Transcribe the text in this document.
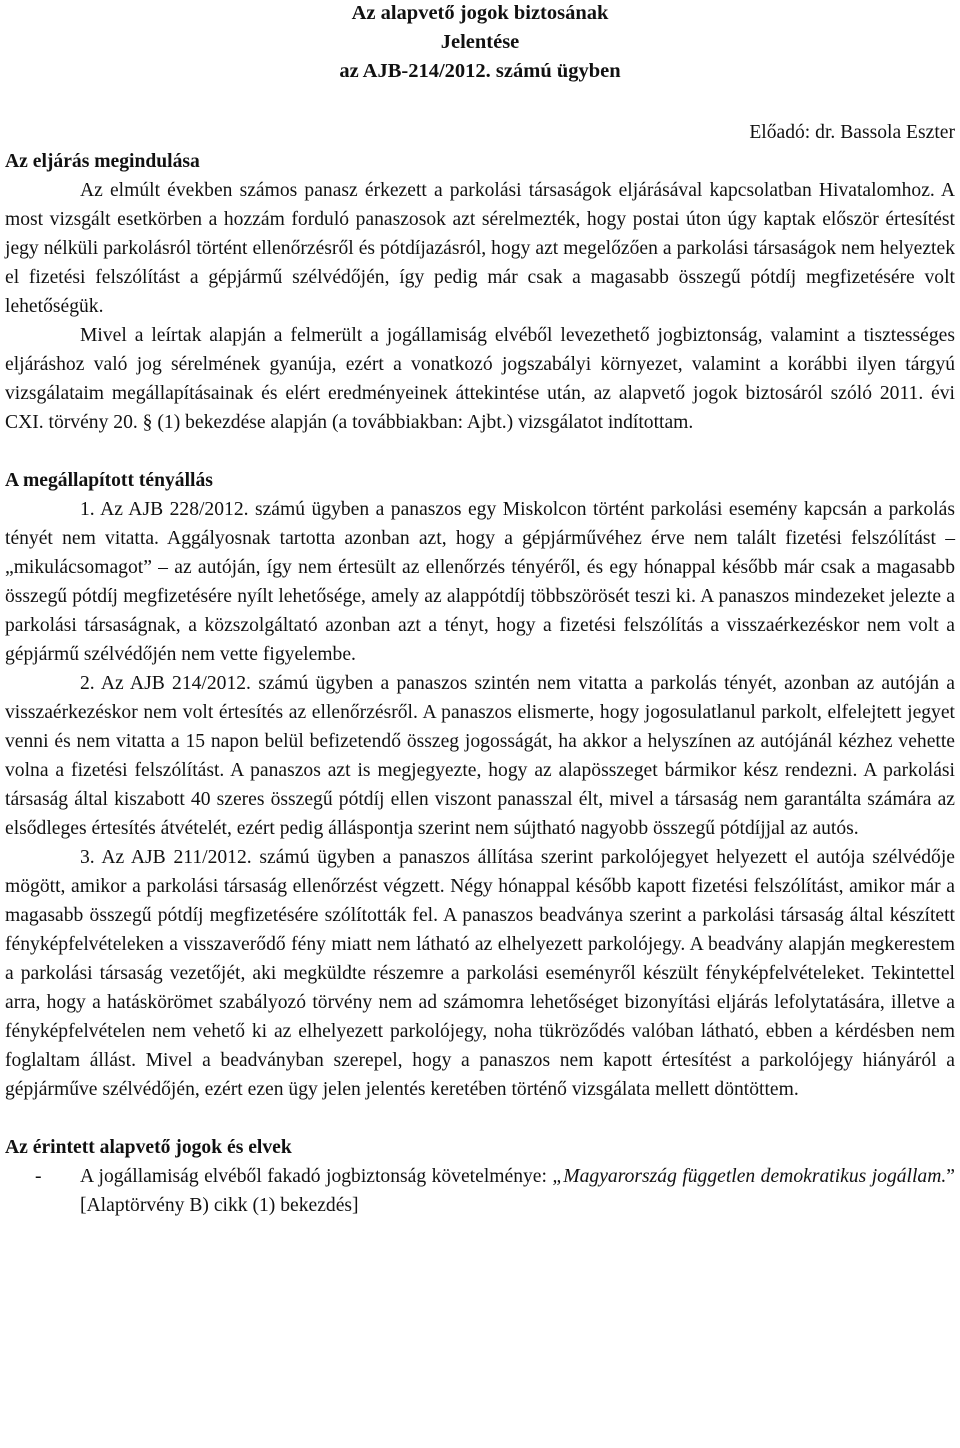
Az alapvető jogok biztosának
Jelentése
az AJB-214/2012. számú ügyben
Előadó: dr. Bassola Eszter
Az eljárás megindulása

Az elmúlt években számos panasz érkezett a parkolási társaságok eljárásával kapcsolatban Hivatalomhoz. A most vizsgált esetkörben a hozzám forduló panaszosok azt sérelmezték, hogy postai úton úgy kaptak először értesítést jegy nélküli parkolásról történt ellenőrzésről és pótdíjazásról, hogy azt megelőzően a parkolási társaságok nem helyeztek el fizetési felszólítást a gépjármű szélvédőjén, így pedig már csak a magasabb összegű pótdíj megfizetésére volt lehetőségük.

Mivel a leírtak alapján a felmerült a jogállamiság elvéből levezethető jogbiztonság, valamint a tisztességes eljáráshoz való jog sérelmének gyanúja, ezért a vonatkozó jogszabályi környezet, valamint a korábbi ilyen tárgyú vizsgálataim megállapításainak és elért eredményeinek áttekintése után, az alapvető jogok biztosáról szóló 2011. évi CXI. törvény 20. § (1) bekezdése alapján (a továbbiakban: Ajbt.) vizsgálatot indítottam.

A megállapított tényállás

1. Az AJB 228/2012. számú ügyben a panaszos egy Miskolcon történt parkolási esemény kapcsán a parkolás tényét nem vitatta. Aggályosnak tartotta azonban azt, hogy a gépjárművéhez érve nem talált fizetési felszólítást – „mikulácsomagot” – az autóján, így nem értesült az ellenőrzés tényéről, és egy hónappal később már csak a magasabb összegű pótdíj megfizetésére nyílt lehetősége, amely az alappótdíj többszörösét teszi ki. A panaszos mindezeket jelezte a parkolási társaságnak, a közszolgáltató azonban azt a tényt, hogy a fizetési felszólítás a visszaérkezéskor nem volt a gépjármű szélvédőjén nem vette figyelembe.

2. Az AJB 214/2012. számú ügyben a panaszos szintén nem vitatta a parkolás tényét, azonban az autóján a visszaérkezéskor nem volt értesítés az ellenőrzésről. A panaszos elismerte, hogy jogosulatlanul parkolt, elfelejtett jegyet venni és nem vitatta a 15 napon belül befizetendő összeg jogosságát, ha akkor a helyszínen az autójánál kézhez vehette volna a fizetési felszólítást. A panaszos azt is megjegyezte, hogy az alapösszeget bármikor kész rendezni. A parkolási társaság által kiszabott 40 szeres összegű pótdíj ellen viszont panasszal élt, mivel a társaság nem garantálta számára az elsődleges értesítés átvételét, ezért pedig álláspontja szerint nem sújtható nagyobb összegű pótdíjjal az autós.

3. Az AJB 211/2012. számú ügyben a panaszos állítása szerint parkolójegyet helyezett el autója szélvédője mögött, amikor a parkolási társaság ellenőrzést végzett. Négy hónappal később kapott fizetési felszólítást, amikor már a magasabb összegű pótdíj megfizetésére szólították fel. A panaszos beadványa szerint a parkolási társaság által készített fényképfelvételeken a visszaverődő fény miatt nem látható az elhelyezett parkolójegy. A beadvány alapján megkerestem a parkolási társaság vezetőjét, aki megküldte részemre a parkolási eseményről készült fényképfelvételeket. Tekintettel arra, hogy a hatáskörömet szabályozó törvény nem ad számomra lehetőséget bizonyítási eljárás lefolytatására, illetve a fényképfelvételen nem vehető ki az elhelyezett parkolójegy, noha tükröződés valóban látható, ebben a kérdésben nem foglaltam állást. Mivel a beadványban szerepel, hogy a panaszos nem kapott értesítést a parkolójegy hiányáról a gépjárműve szélvédőjén, ezért ezen ügy jelen jelentés keretében történő vizsgálata mellett döntöttem.

Az érintett alapvető jogok és elvek
- A jogállamiság elvéből fakadó jogbiztonság követelménye: „Magyarország független demokratikus jogállam.” [Alaptörvény B) cikk (1) bekezdés]
